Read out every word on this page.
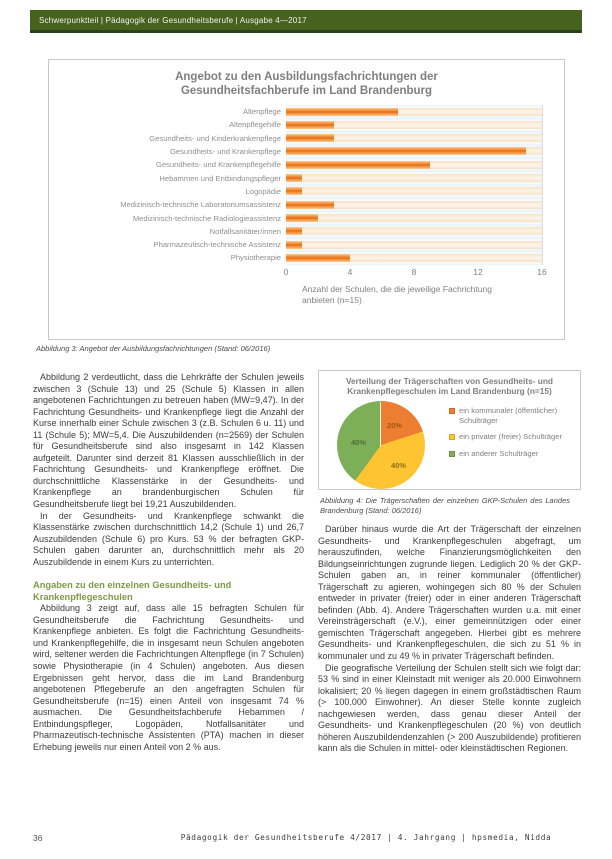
Schwerpunktteil | Pädagogik der Gesundheitsberufe | Ausgabe 4—2017
Angebot zu den Ausbildungsfachrichtungen der Gesundheitsfachberufe im Land Brandenburg
Altenpflege
Altenpflegehilfe
Gesundheits- und Kinderkrankenpflege
Gesundheits- und Krankenpflege
Gesundheits- und Krankenpflegehilfe
Hebammen und Entbindungspfleger
Logopädie
Medizinisch-technische Laboratoriumsassistenz
Medizinisch-technische Radiologieassistenz
Notfallsanitäter/innen
Pharmazeutisch-technische Assistenz
Physiotherapie
0	4	8	12	16
Anzahl der Schulen, die die jeweilige Fachrichtung
anbieten (n=15)
Abbildung 3: Angebot der Ausbildungsfachrichtungen (Stand: 06/2016)

Abbildung 2 verdeutlicht, dass die Lehrkräfte der Schulen jeweils zwischen 3 (Schule 13) und 25 (Schule 5) Klassen in allen angebotenen Fachrichtungen zu betreuen haben (MW=9,47). In der Fachrichtung Gesundheits- und Krankenpflege liegt die Anzahl der Kurse innerhalb einer Schule zwischen 3 (z.B. Schulen 6 u. 11) und 11 (Schule 5); MW=5,4. Die Auszubildenden (n=2569) der Schulen für Gesundheitsberufe sind also insgesamt in 142 Klassen aufgeteilt. Darunter sind derzeit 81 Klassen ausschließlich in der Fachrichtung Gesundheits- und Krankenpflege eröffnet. Die durchschnittliche Klassenstärke in der Gesundheits- und Krankenpflege an brandenburgischen Schulen für Gesundheitsberufe liegt bei 19,21 Auszubildenden.

In der Gesundheits- und Krankenpflege schwankt die Klassenstärke zwischen durchschnittlich 14,2 (Schule 1) und 26,7 Auszubildenden (Schule 6) pro Kurs. 53 % der befragten GKP-Schulen gaben darunter an, durchschnittlich mehr als 20 Auszubildende in einem Kurs zu unterrichten.

Angaben zu den einzelnen Gesundheits- und Krankenpflegeschulen

Abbildung 3 zeigt auf, dass alle 15 befragten Schulen für Gesundheitsberufe die Fachrichtung Gesundheits- und Krankenpflege anbieten. Es folgt die Fachrichtung Gesundheits- und Krankenpflegehilfe, die in insgesamt neun Schulen angeboten wird, seltener werden die Fachrichtungen Altenpflege (in 7 Schulen) sowie Physiotherapie (in 4 Schulen) angeboten. Aus diesen Ergebnissen geht hervor, dass die im Land Brandenburg angebotenen Pflegeberufe an den angefragten Schulen für Gesundheitsberufe (n=15) einen Anteil von insgesamt 74 % ausmachen. Die Gesundheitsfachberufe Hebammen / Entbindungspfleger, Logopäden, Notfallsanitäter und Pharmazeutisch-technische Assistenten (PTA) machen in dieser Erhebung jeweils nur einen Anteil von 2 % aus.

Verteilung der Trägerschaften von Gesundheits- und Krankenpflegeschulen im Land Brandenburg (n=15)
20%
40%
40%
ein kommunaler (öffentlicher) Schulträger
ein privater (freier) Schulträger
ein anderer Schulträger
Abbildung 4: Die Trägerschaften der einzelnen GKP-Schulen des Landes Brandenburg (Stand: 06/2016)

Darüber hinaus wurde die Art der Trägerschaft der einzelnen Gesundheits- und Krankenpflegeschulen abgefragt, um herauszufinden, welche Finanzierungsmöglichkeiten den Bildungseinrichtungen zugrunde liegen. Lediglich 20 % der GKP-Schulen gaben an, in reiner kommunaler (öffentlicher) Trägerschaft zu agieren, wohingegen sich 80 % der Schulen entweder in privater (freier) oder in einer anderen Trägerschaft befinden (Abb. 4). Andere Trägerschaften wurden u.a. mit einer Vereinsträgerschaft (e.V.), einer gemeinnützigen oder einer gemischten Trägerschaft angegeben. Hierbei gibt es mehrere Gesundheits- und Krankenpflegeschulen, die sich zu 51 % in kommunaler und zu 49 % in privater Trägerschaft befinden.

Die geografische Verteilung der Schulen stellt sich wie folgt dar: 53 % sind in einer Kleinstadt mit weniger als 20.000 Einwohnern lokalisiert; 20 % liegen dagegen in einem großstädtischen Raum (> 100.000 Einwohner). An dieser Stelle konnte zugleich nachgewiesen werden, dass genau dieser Anteil der Gesundheits- und Krankenpflegeschulen (20 %) von deutlich höheren Auszubildendenzahlen (> 200 Auszubildende) profitieren kann als die Schulen in mittel- oder kleinstädtischen Regionen.

36	Pädagogik der Gesundheitsberufe 4/2017 | 4. Jahrgang | hpsmedia, Nidda
